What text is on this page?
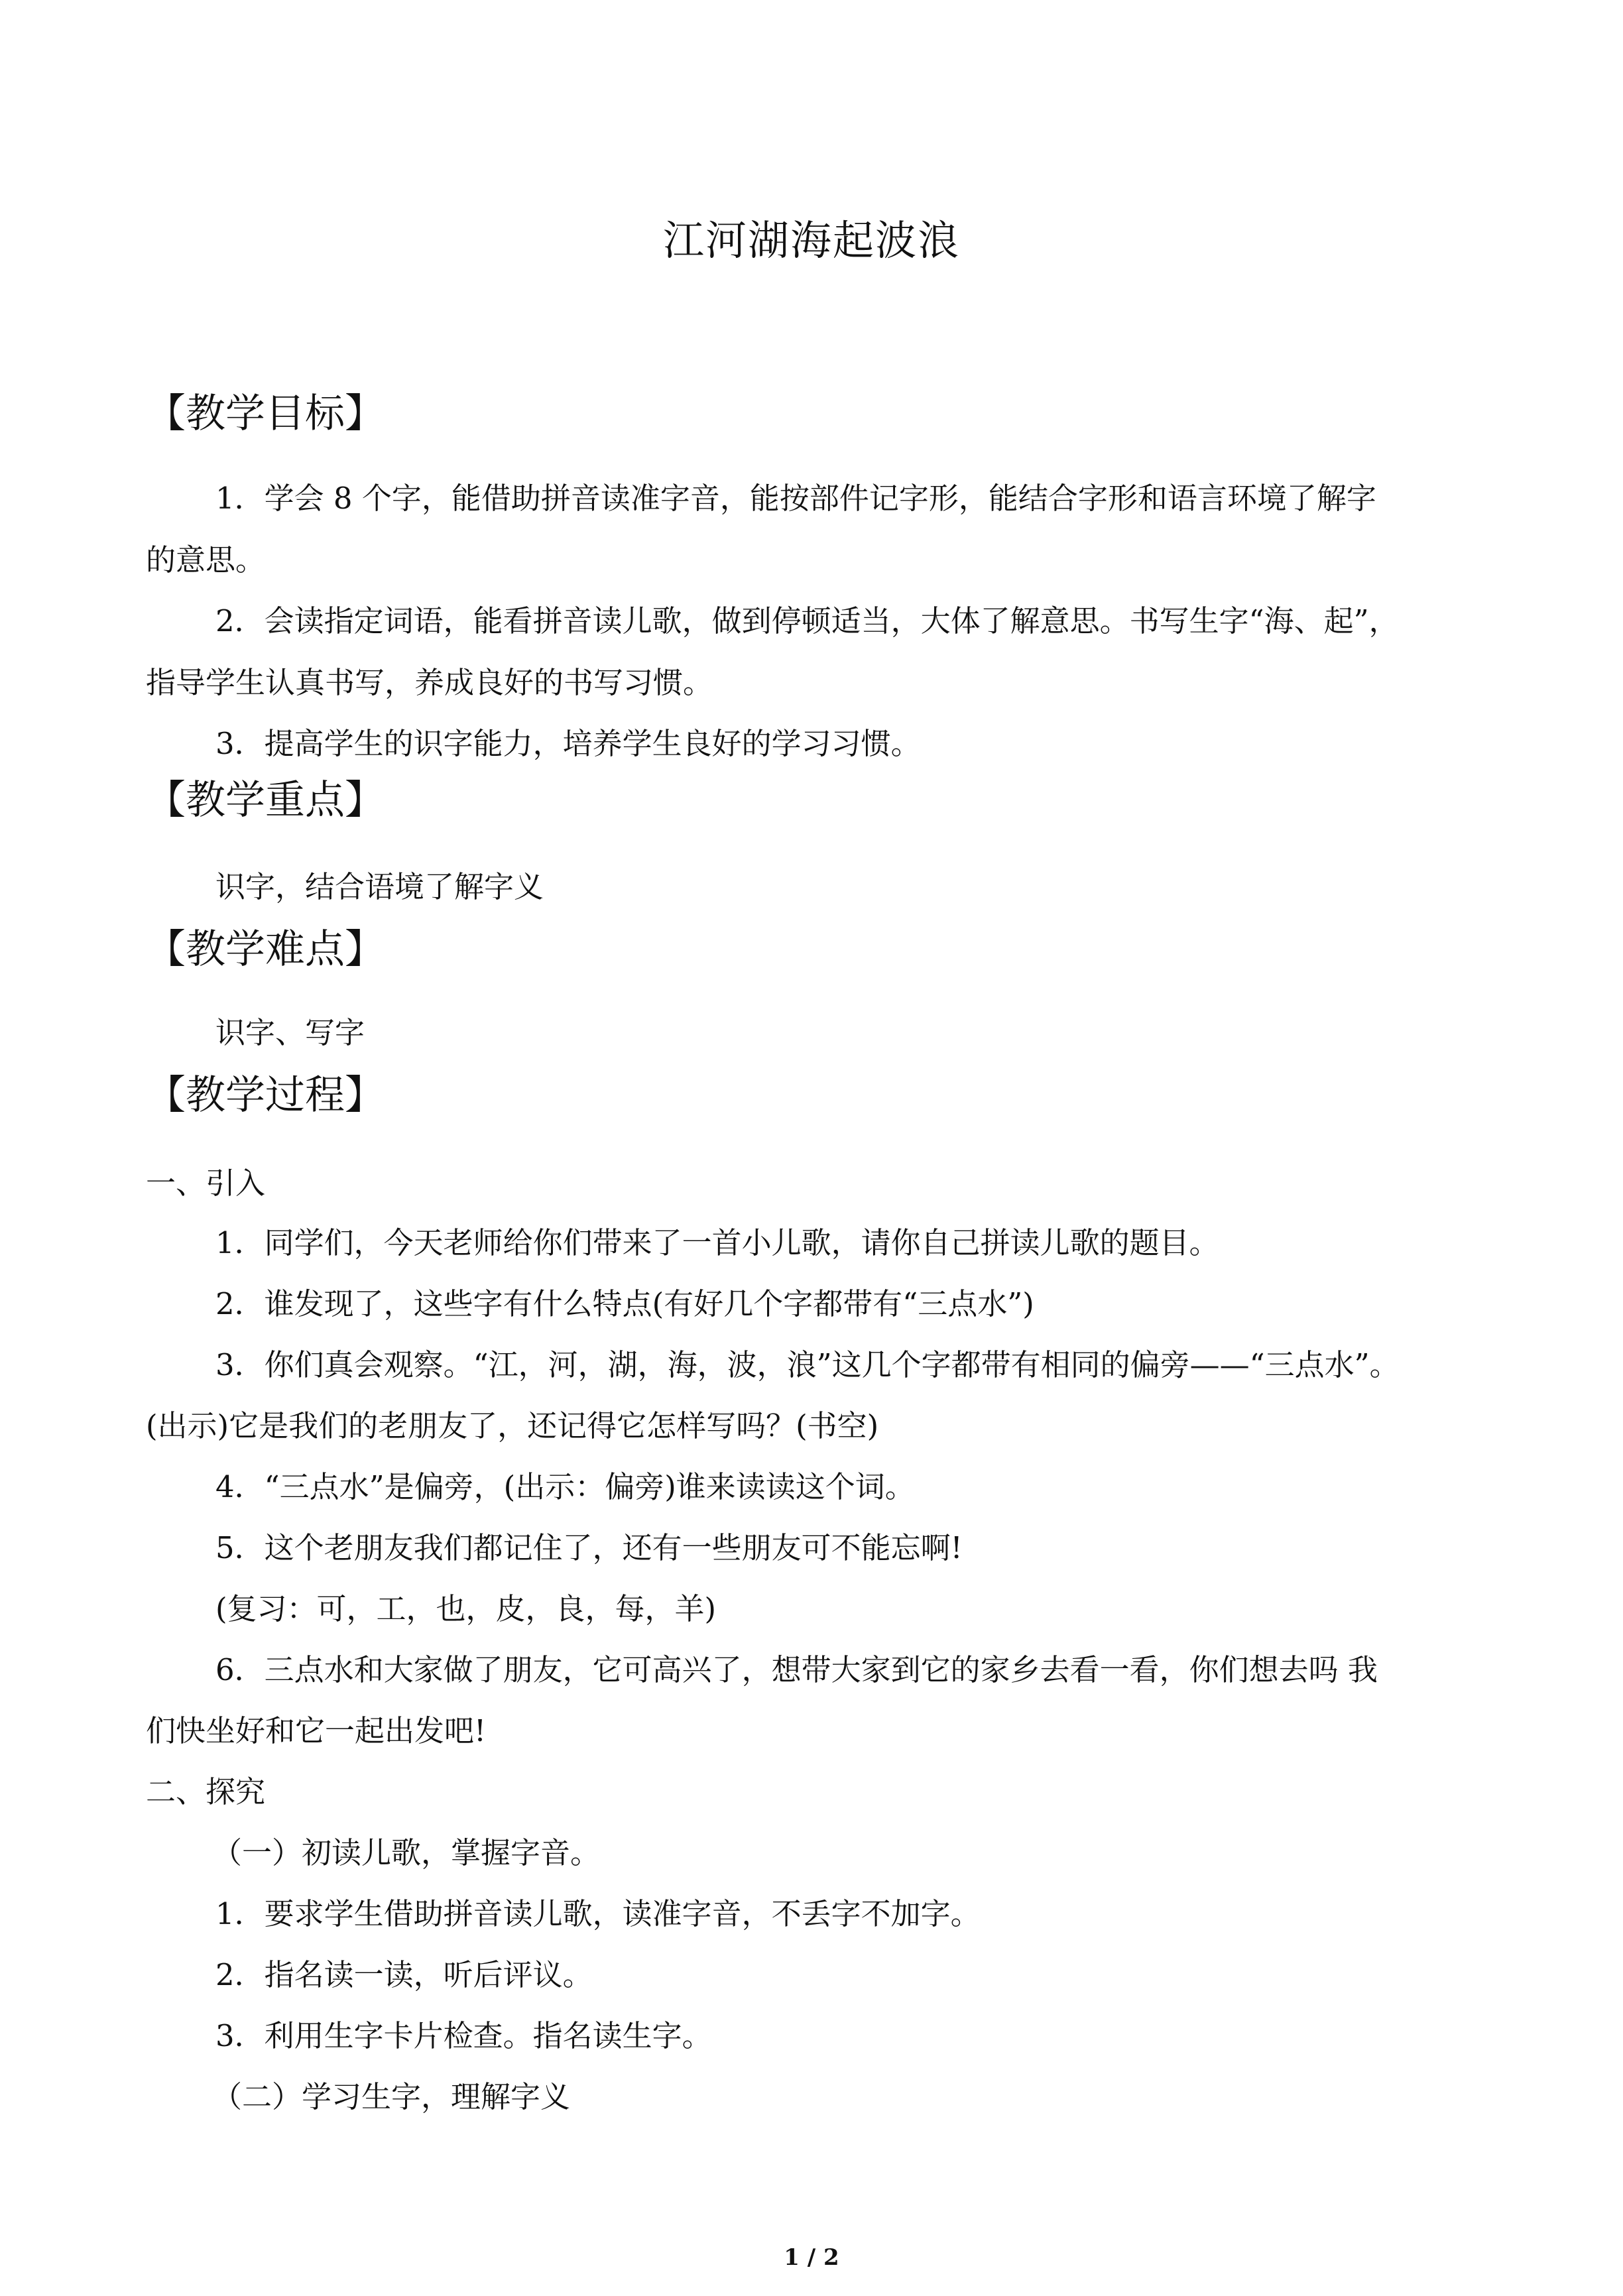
江河湖海起波浪
【教学目标】
1．学会 8 个字，能借助拼音读准字音，能按部件记字形，能结合字形和语言环境了解字
的意思。
2．会读指定词语，能看拼音读儿歌，做到停顿适当，大体了解意思。书写生字“海、起”，
指导学生认真书写，养成良好的书写习惯。
3．提高学生的识字能力，培养学生良好的学习习惯。
【教学重点】
识字，结合语境了解字义
【教学难点】
识字、写字
【教学过程】
一、引入
1．同学们，今天老师给你们带来了一首小儿歌，请你自己拼读儿歌的题目。
2．谁发现了，这些字有什么特点(有好几个字都带有“三点水”)
3．你们真会观察。“江，河，湖，海，波，浪”这几个字都带有相同的偏旁——“三点水”。
(出示)它是我们的老朋友了，还记得它怎样写吗？(书空)
4．“三点水”是偏旁，(出示：偏旁)谁来读读这个词。
5．这个老朋友我们都记住了，还有一些朋友可不能忘啊!
(复习：可，工，也，皮，良，每，羊)
6．三点水和大家做了朋友，它可高兴了，想带大家到它的家乡去看一看，你们想去吗 我
们快坐好和它一起出发吧!
二、探究
（一）初读儿歌，掌握字音。
1．要求学生借助拼音读儿歌，读准字音，不丢字不加字。
2．指名读一读，听后评议。
3．利用生字卡片检查。指名读生字。
（二）学习生字，理解字义
1 / 2
